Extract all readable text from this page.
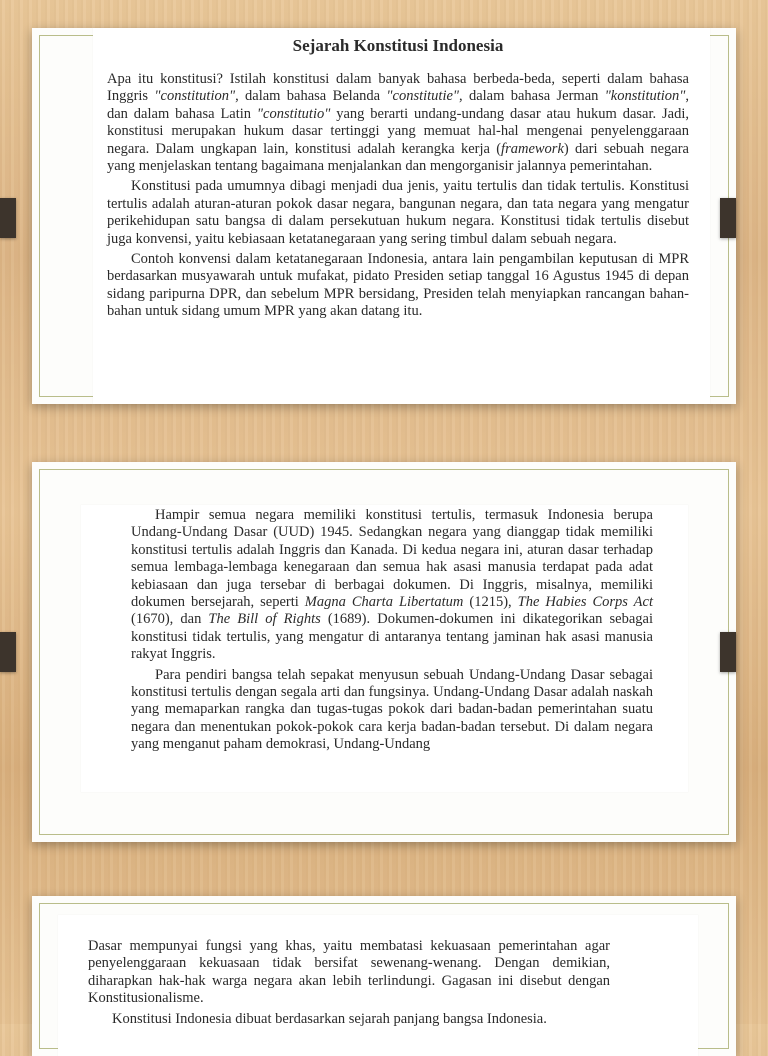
Sejarah Konstitusi Indonesia

Apa itu konstitusi? Istilah konstitusi dalam banyak bahasa berbeda-beda, seperti dalam bahasa Inggris "constitution", dalam bahasa Belanda "constitutie", dalam bahasa Jerman "konstitution", dan dalam bahasa Latin "constitutio" yang berarti undang-undang dasar atau hukum dasar. Jadi, konstitusi merupakan hukum dasar tertinggi yang memuat hal-hal mengenai penyelenggaraan negara. Dalam ungkapan lain, konstitusi adalah kerangka kerja (framework) dari sebuah negara yang menjelaskan tentang bagaimana menjalankan dan mengorganisir jalannya pemerintahan.

Konstitusi pada umumnya dibagi menjadi dua jenis, yaitu tertulis dan tidak tertulis. Konstitusi tertulis adalah aturan-aturan pokok dasar negara, bangunan negara, dan tata negara yang mengatur perikehidupan satu bangsa di dalam persekutuan hukum negara. Konstitusi tidak tertulis disebut juga konvensi, yaitu kebiasaan ketatanegaraan yang sering timbul dalam sebuah negara.

Contoh konvensi dalam ketatanegaraan Indonesia, antara lain pengambilan keputusan di MPR berdasarkan musyawarah untuk mufakat, pidato Presiden setiap tanggal 16 Agustus 1945 di depan sidang paripurna DPR, dan sebelum MPR bersidang, Presiden telah menyiapkan rancangan bahan-bahan untuk sidang umum MPR yang akan datang itu.

Hampir semua negara memiliki konstitusi tertulis, termasuk Indonesia berupa Undang-Undang Dasar (UUD) 1945. Sedangkan negara yang dianggap tidak memiliki konstitusi tertulis adalah Inggris dan Kanada. Di kedua negara ini, aturan dasar terhadap semua lembaga-lembaga kenegaraan dan semua hak asasi manusia terdapat pada adat kebiasaan dan juga tersebar di berbagai dokumen. Di Inggris, misalnya, memiliki dokumen bersejarah, seperti Magna Charta Libertatum (1215), The Habies Corps Act (1670), dan The Bill of Rights (1689). Dokumen-dokumen ini dikategorikan sebagai konstitusi tidak tertulis, yang mengatur di antaranya tentang jaminan hak asasi manusia rakyat Inggris.

Para pendiri bangsa telah sepakat menyusun sebuah Undang-Undang Dasar sebagai konstitusi tertulis dengan segala arti dan fungsinya. Undang-Undang Dasar adalah naskah yang memaparkan rangka dan tugas-tugas pokok dari badan-badan pemerintahan suatu negara dan menentukan pokok-pokok cara kerja badan-badan tersebut. Di dalam negara yang menganut paham demokrasi, Undang-Undang

Dasar mempunyai fungsi yang khas, yaitu membatasi kekuasaan pemerintahan agar penyelenggaraan kekuasaan tidak bersifat sewenang-wenang. Dengan demikian, diharapkan hak-hak warga negara akan lebih terlindungi. Gagasan ini disebut dengan Konstitusionalisme.

Konstitusi Indonesia dibuat berdasarkan sejarah panjang bangsa Indonesia.
